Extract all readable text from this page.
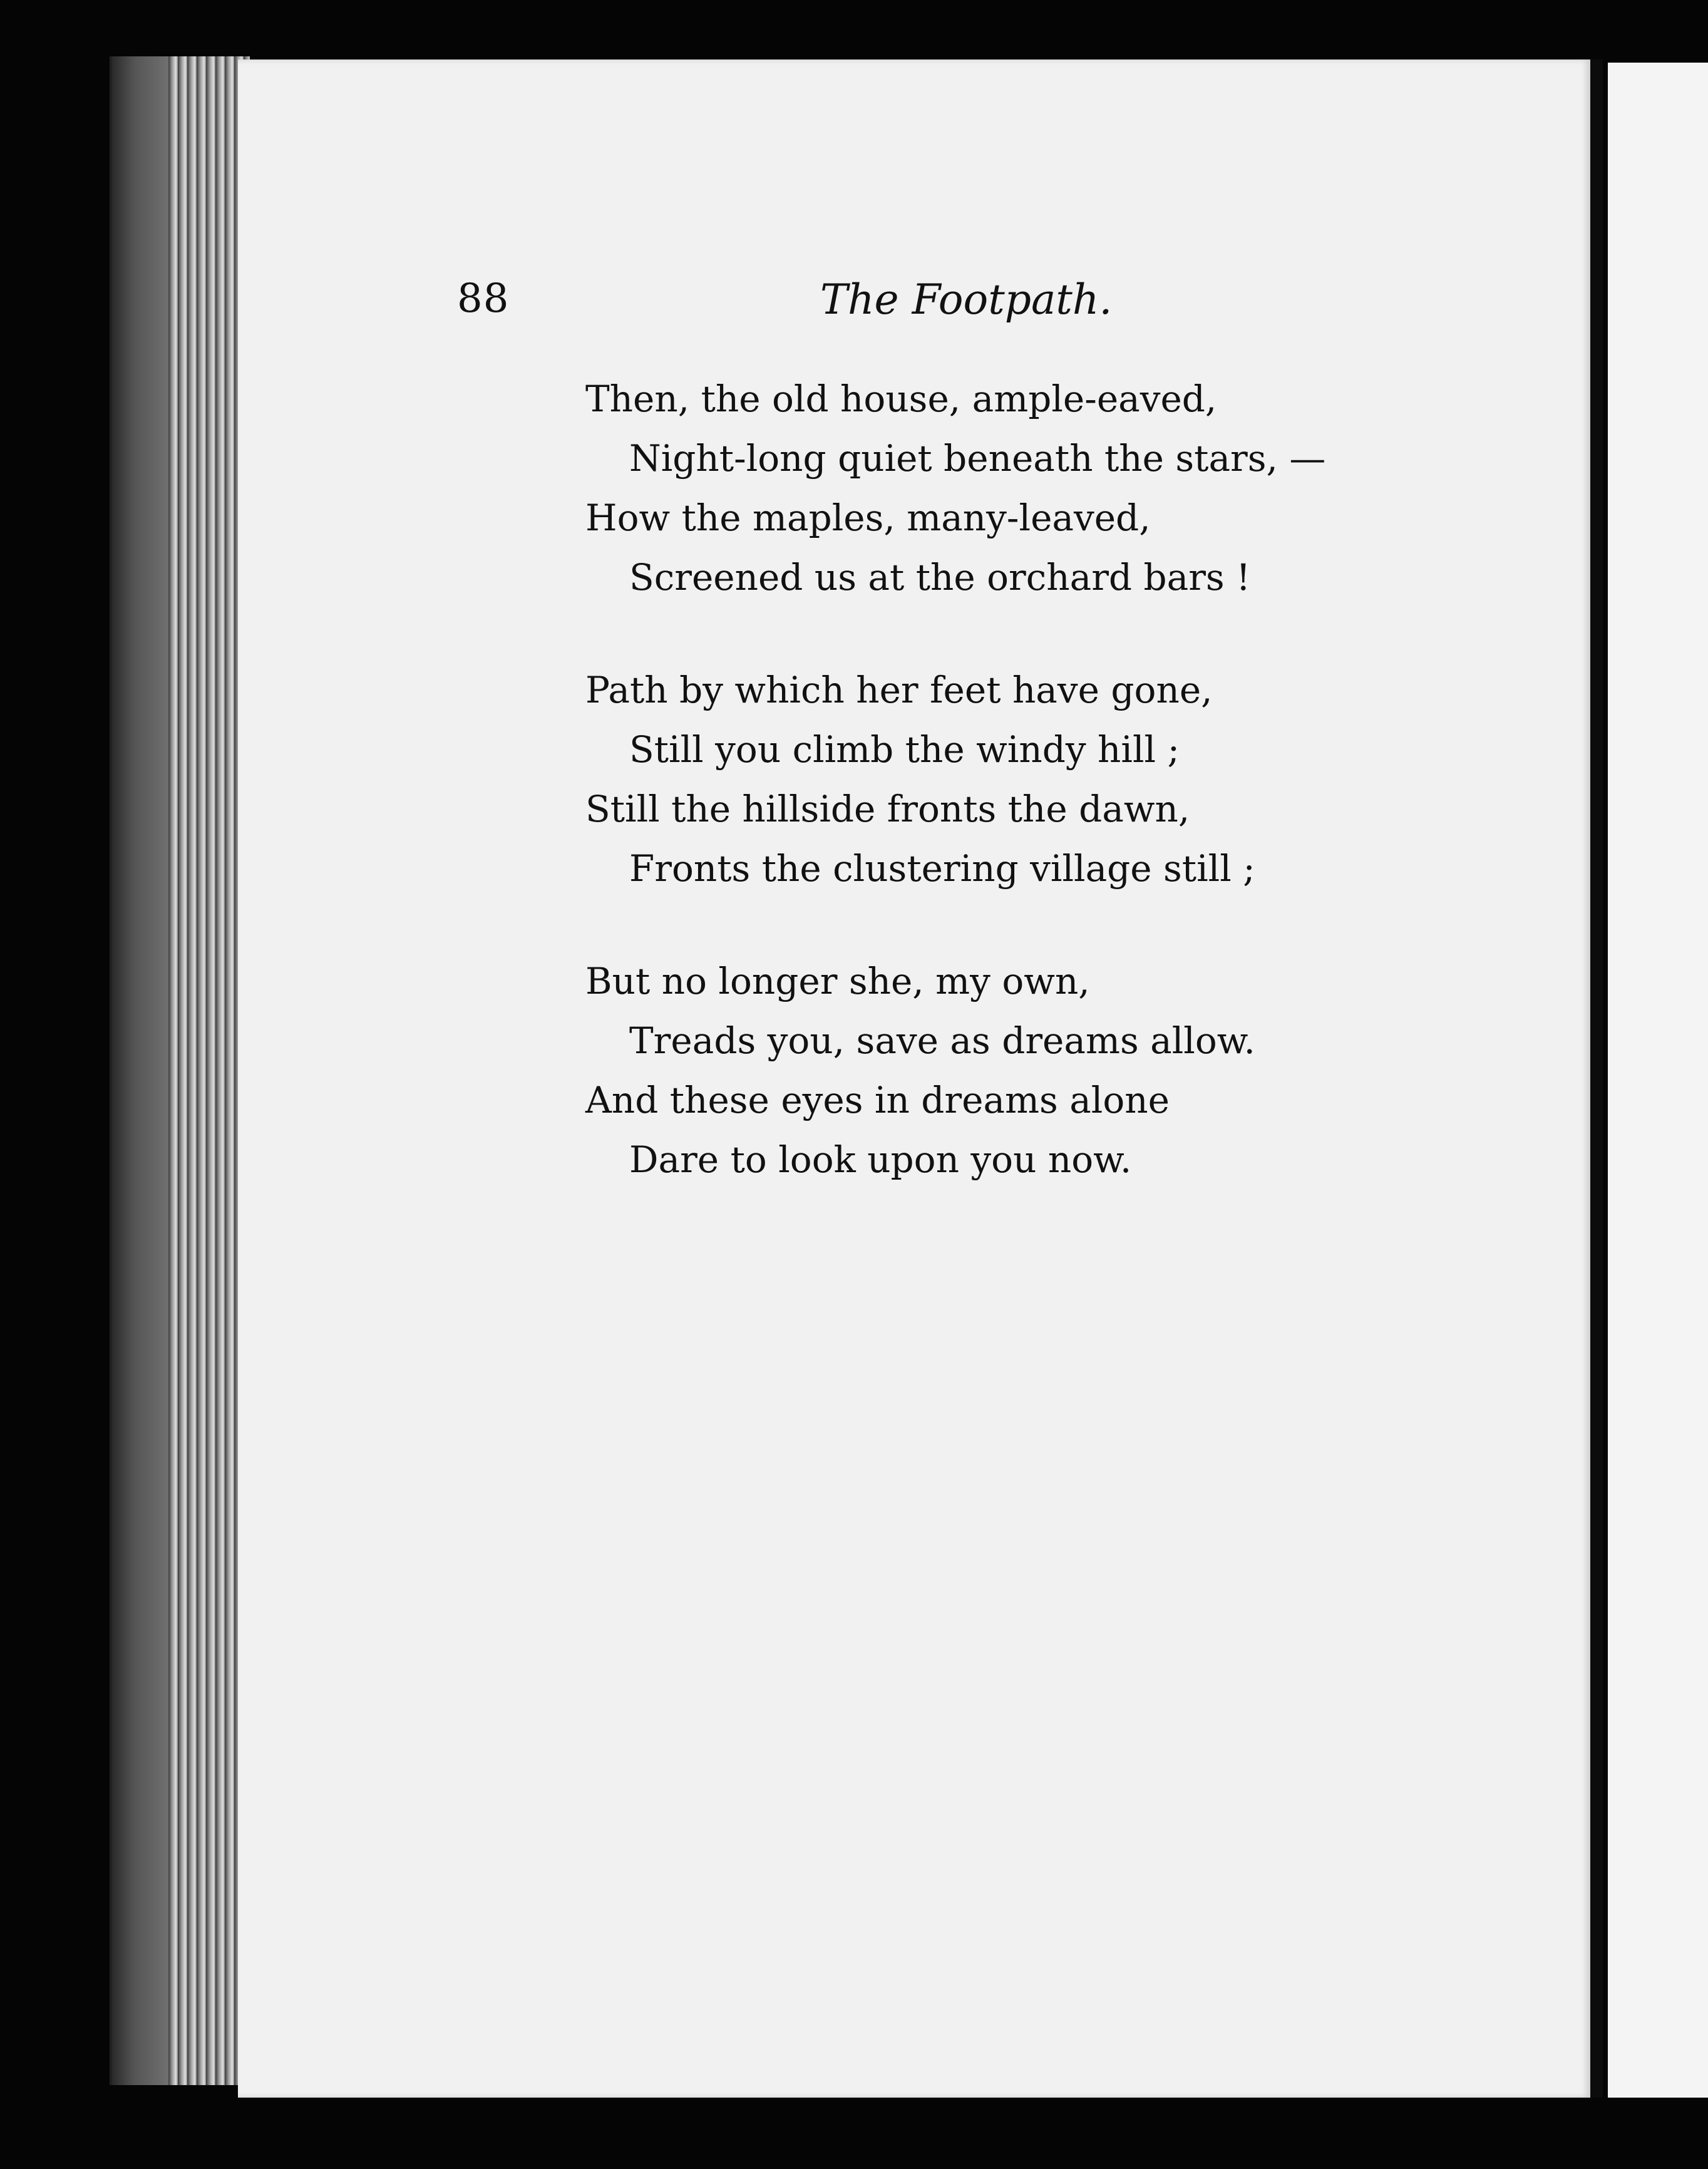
88	The Footpath.
Then, the old house, ample-eaved,
Night-long quiet beneath the stars, —
How the maples, many-leaved,
Screened us at the orchard bars !
Path by which her feet have gone,
Still you climb the windy hill ;
Still the hillside fronts the dawn,
Fronts the clustering village still ;
But no longer she, my own,
Treads you, save as dreams allow.
And these eyes in dreams alone
Dare to look upon you now.
